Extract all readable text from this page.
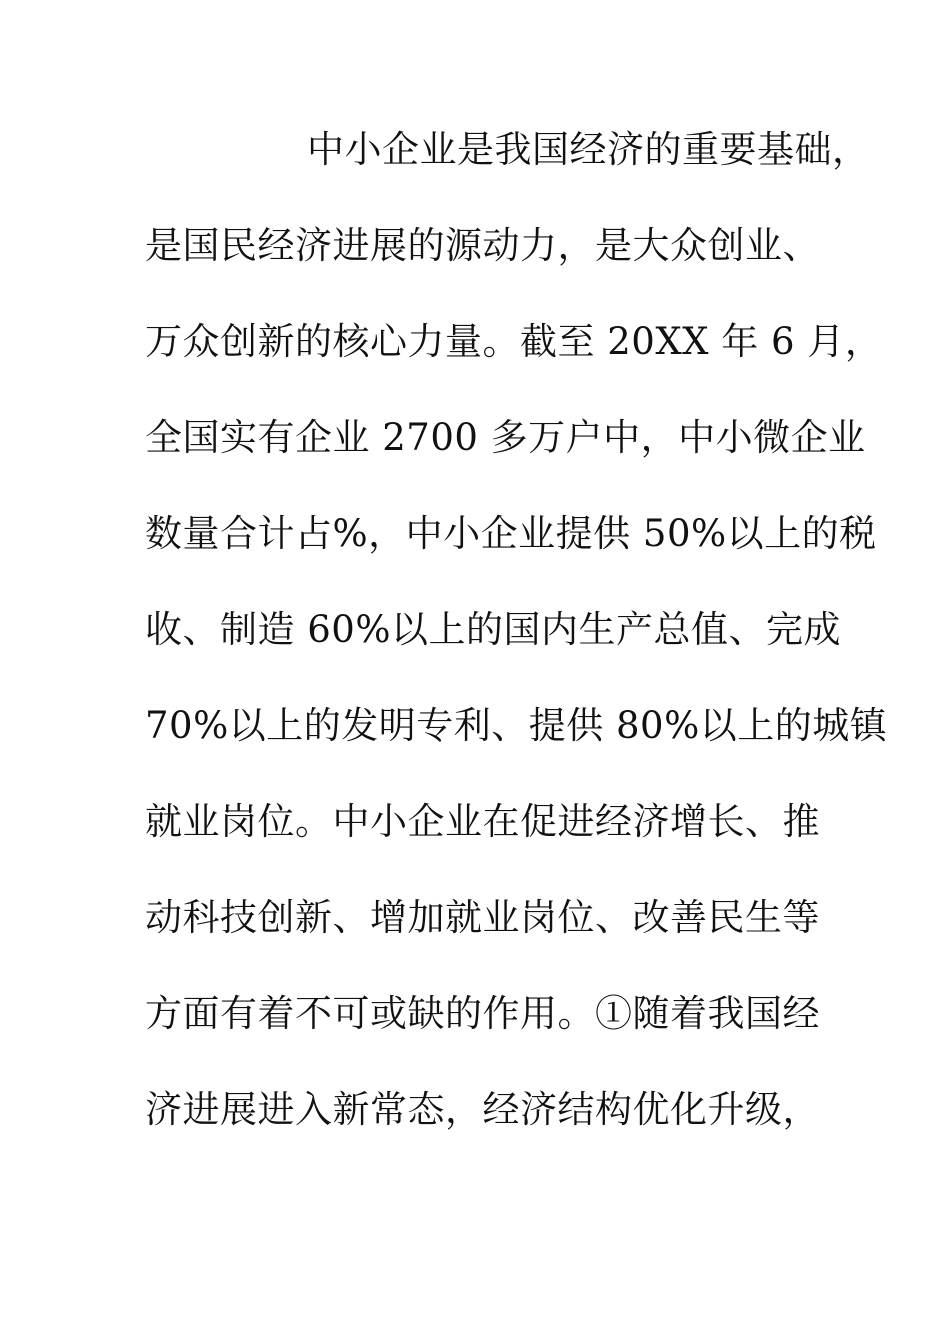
中小企业是我国经济的重要基础，
是国民经济进展的源动力，是大众创业、
万众创新的核心力量。截至 20XX 年 6 月，
全国实有企业 2700 多万户中，中小微企业
数量合计占%，中小企业提供 50%以上的税
收、制造 60%以上的国内生产总值、完成
70%以上的发明专利、提供 80%以上的城镇
就业岗位。中小企业在促进经济增长、推
动科技创新、增加就业岗位、改善民生等
方面有着不可或缺的作用。①随着我国经
济进展进入新常态，经济结构优化升级，
